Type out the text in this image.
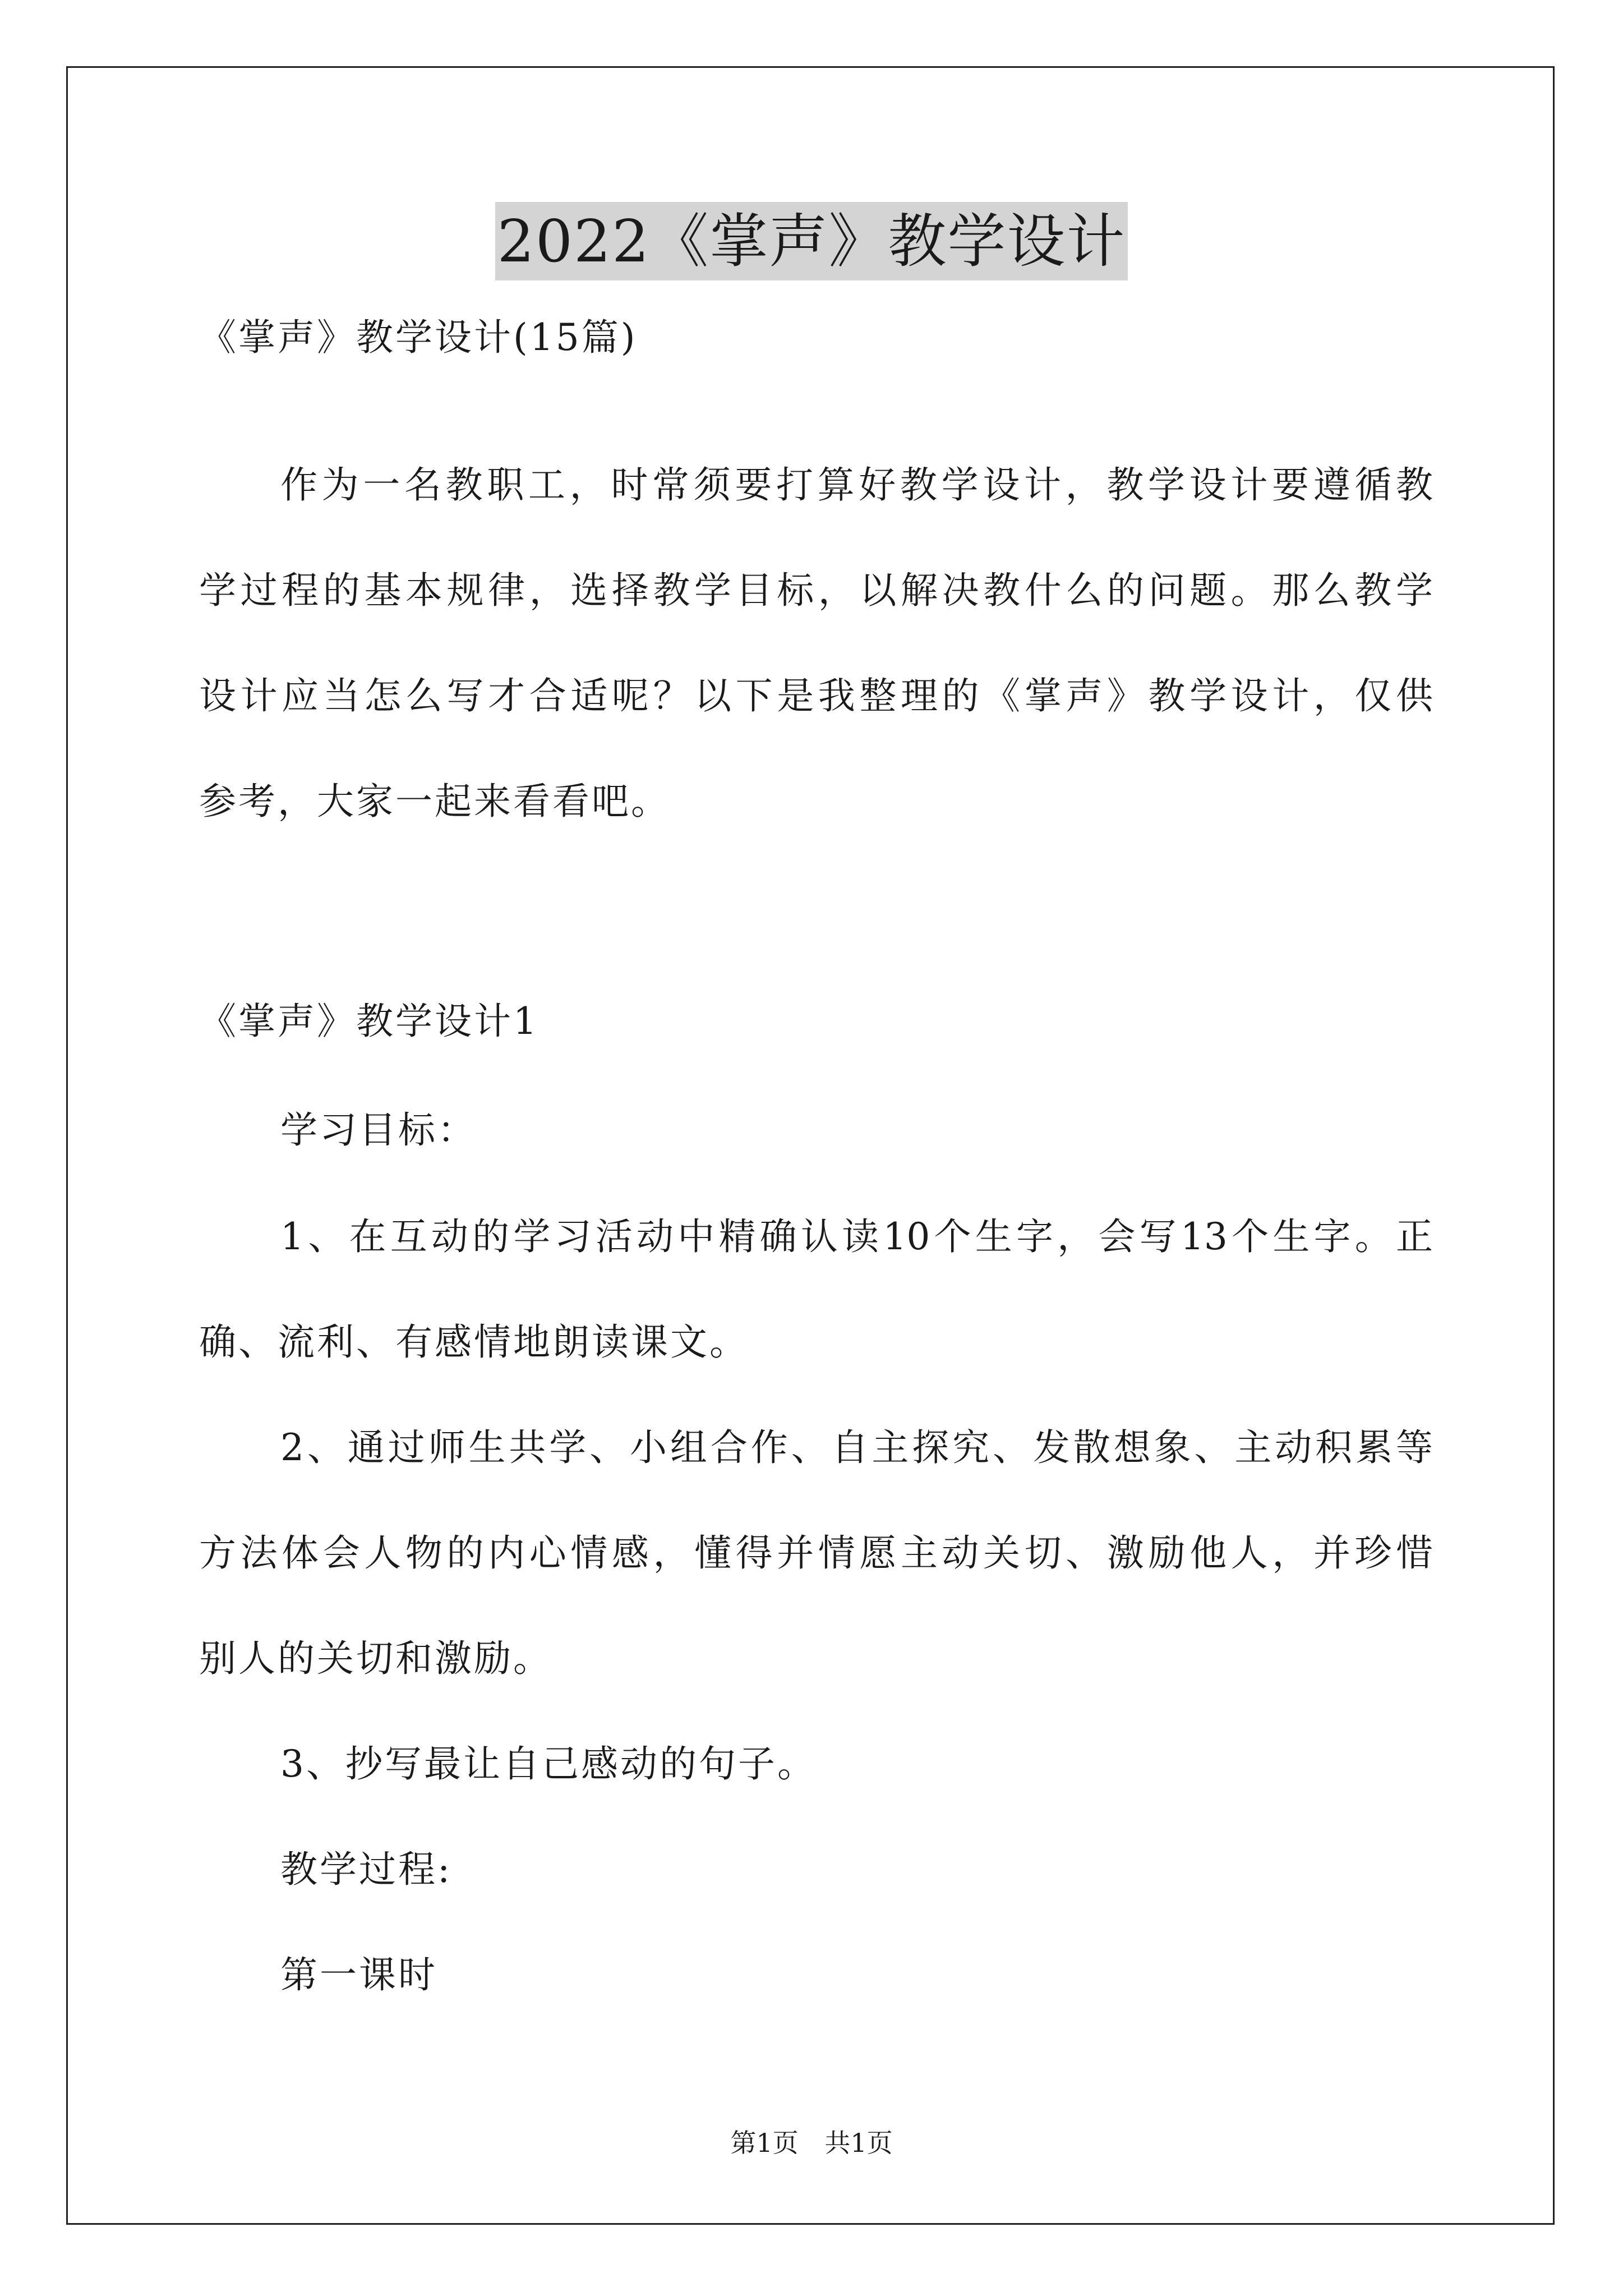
2022《掌声》教学设计
《掌声》教学设计(15篇)
作为一名教职工，时常须要打算好教学设计，教学设计要遵循教
学过程的基本规律，选择教学目标，以解决教什么的问题。那么教学
设计应当怎么写才合适呢？以下是我整理的《掌声》教学设计，仅供
参考，大家一起来看看吧。
《掌声》教学设计1
学习目标：
1、在互动的学习活动中精确认读10个生字，会写13个生字。正
确、流利、有感情地朗读课文。
2、通过师生共学、小组合作、自主探究、发散想象、主动积累等
方法体会人物的内心情感，懂得并情愿主动关切、激励他人，并珍惜
别人的关切和激励。
3、抄写最让自己感动的句子。
教学过程:
第一课时
第1页 共1页
